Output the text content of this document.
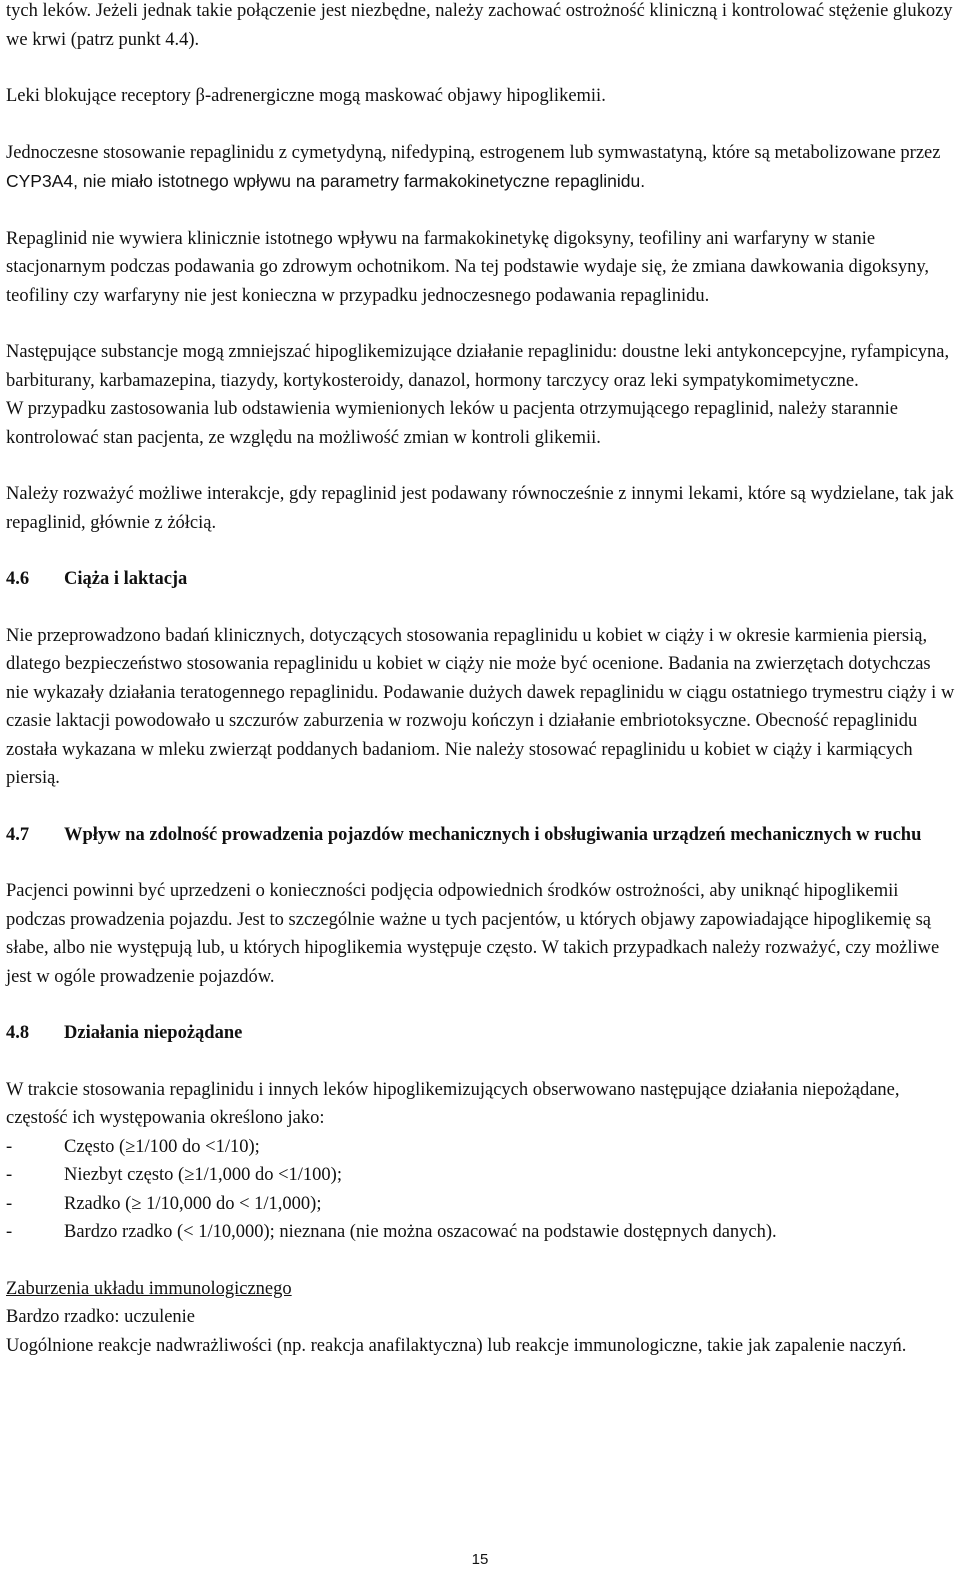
tych leków. Jeżeli jednak takie połączenie jest niezbędne, należy zachować ostrożność kliniczną i kontrolować stężenie glukozy we krwi (patrz punkt 4.4).

Leki blokujące receptory β-adrenergiczne mogą maskować objawy hipoglikemii.

Jednoczesne stosowanie repaglinidu z cymetydyną, nifedypiną, estrogenem lub symwastatyną, które są metabolizowane przez CYP3A4, nie miało istotnego wpływu na parametry farmakokinetyczne repaglinidu.

Repaglinid nie wywiera klinicznie istotnego wpływu na farmakokinetykę digoksyny, teofiliny ani warfaryny w stanie stacjonarnym podczas podawania go zdrowym ochotnikom. Na tej podstawie wydaje się, że zmiana dawkowania digoksyny, teofiliny czy warfaryny nie jest konieczna w przypadku jednoczesnego podawania repaglinidu.

Następujące substancje mogą zmniejszać hipoglikemizujące działanie repaglinidu: doustne leki antykoncepcyjne, ryfampicyna, barbiturany, karbamazepina, tiazydy, kortykosteroidy, danazol, hormony tarczycy oraz leki sympatykomimetyczne.

W przypadku zastosowania lub odstawienia wymienionych leków u pacjenta otrzymującego repaglinid, należy starannie kontrolować stan pacjenta, ze względu na możliwość zmian w kontroli glikemii.

Należy rozważyć możliwe interakcje, gdy repaglinid jest podawany równocześnie z innymi lekami, które są wydzielane, tak jak repaglinid, głównie z żółcią.

4.6	Ciąża i laktacja

Nie przeprowadzono badań klinicznych, dotyczących stosowania repaglinidu u kobiet w ciąży i w okresie karmienia piersią, dlatego bezpieczeństwo stosowania repaglinidu u kobiet w ciąży nie może być ocenione. Badania na zwierzętach dotychczas nie wykazały działania teratogennego repaglinidu. Podawanie dużych dawek repaglinidu w ciągu ostatniego trymestru ciąży i w czasie laktacji powodowało u szczurów zaburzenia w rozwoju kończyn i działanie embriotoksyczne. Obecność repaglinidu została wykazana w mleku zwierząt poddanych badaniom. Nie należy stosować repaglinidu u kobiet w ciąży i karmiących piersią.

4.7	Wpływ na zdolność prowadzenia pojazdów mechanicznych i obsługiwania urządzeń mechanicznych w ruchu

Pacjenci powinni być uprzedzeni o konieczności podjęcia odpowiednich środków ostrożności, aby uniknąć hipoglikemii podczas prowadzenia pojazdu. Jest to szczególnie ważne u tych pacjentów, u których objawy zapowiadające hipoglikemię są słabe, albo nie występują lub, u których hipoglikemia występuje często. W takich przypadkach należy rozważyć, czy możliwe jest w ogóle prowadzenie pojazdów.

4.8	Działania niepożądane

W trakcie stosowania repaglinidu i innych leków hipoglikemizujących obserwowano następujące działania niepożądane, częstość ich występowania określono jako:

-	Często (≥1/100 do <1/10);
-	Niezbyt często (≥1/1,000 do <1/100);
-	Rzadko (≥ 1/10,000 do < 1/1,000);
-	Bardzo rzadko (< 1/10,000); nieznana (nie można oszacować na podstawie dostępnych danych).

Zaburzenia układu immunologicznego

Bardzo rzadko: uczulenie

Uogólnione reakcje nadwrażliwości (np. reakcja anafilaktyczna) lub reakcje immunologiczne, takie jak zapalenie naczyń.

15
